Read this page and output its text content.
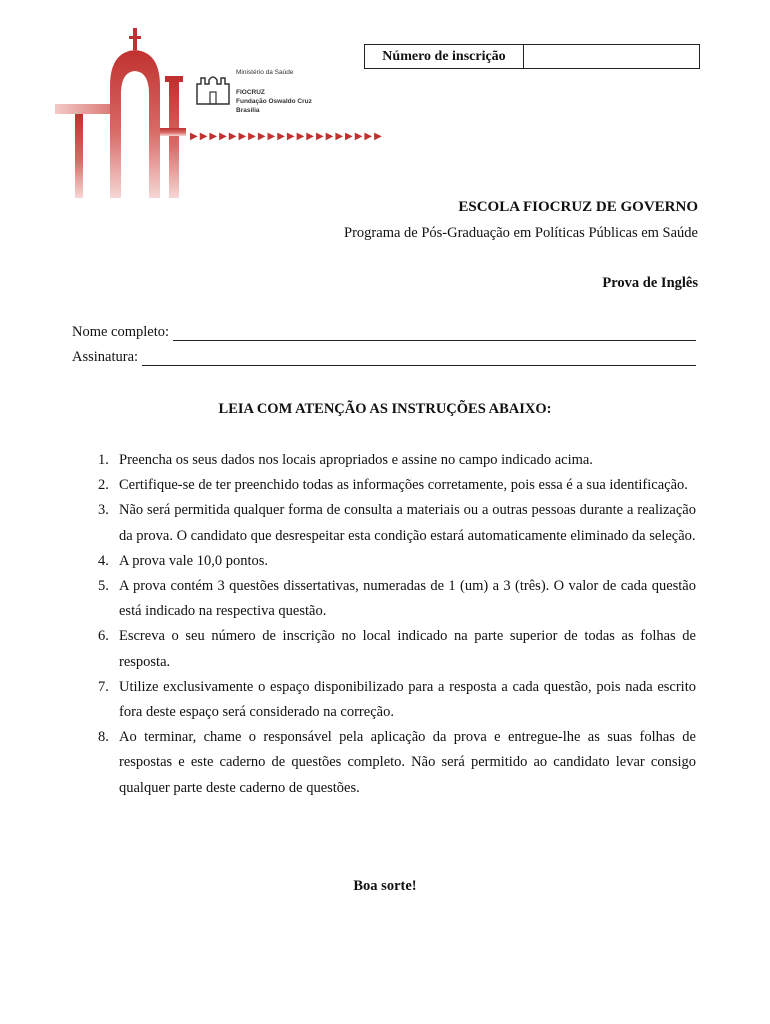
Ministério da Saúde
FIOCRUZ
Fundação Oswaldo Cruz
Brasília
▶▶▶▶▶▶▶▶▶▶▶▶▶▶▶▶▶▶▶▶
Número de inscrição
ESCOLA FIOCRUZ DE GOVERNO
Programa de Pós-Graduação em Políticas Públicas em Saúde
Prova de Inglês
Nome completo:
Assinatura:
LEIA COM ATENÇÃO AS INSTRUÇÕES ABAIXO:
1. Preencha os seus dados nos locais apropriados e assine no campo indicado acima.
2. Certifique-se de ter preenchido todas as informações corretamente, pois essa é a sua identificação.
3. Não será permitida qualquer forma de consulta a materiais ou a outras pessoas durante a realização da prova. O candidato que desrespeitar esta condição estará automaticamente eliminado da seleção.
4. A prova vale 10,0 pontos.
5. A prova contém 3 questões dissertativas, numeradas de 1 (um) a 3 (três). O valor de cada questão está indicado na respectiva questão.
6. Escreva o seu número de inscrição no local indicado na parte superior de todas as folhas de resposta.
7. Utilize exclusivamente o espaço disponibilizado para a resposta a cada questão, pois nada escrito fora deste espaço será considerado na correção.
8. Ao terminar, chame o responsável pela aplicação da prova e entregue-lhe as suas folhas de respostas e este caderno de questões completo. Não será permitido ao candidato levar consigo qualquer parte deste caderno de questões.
Boa sorte!
